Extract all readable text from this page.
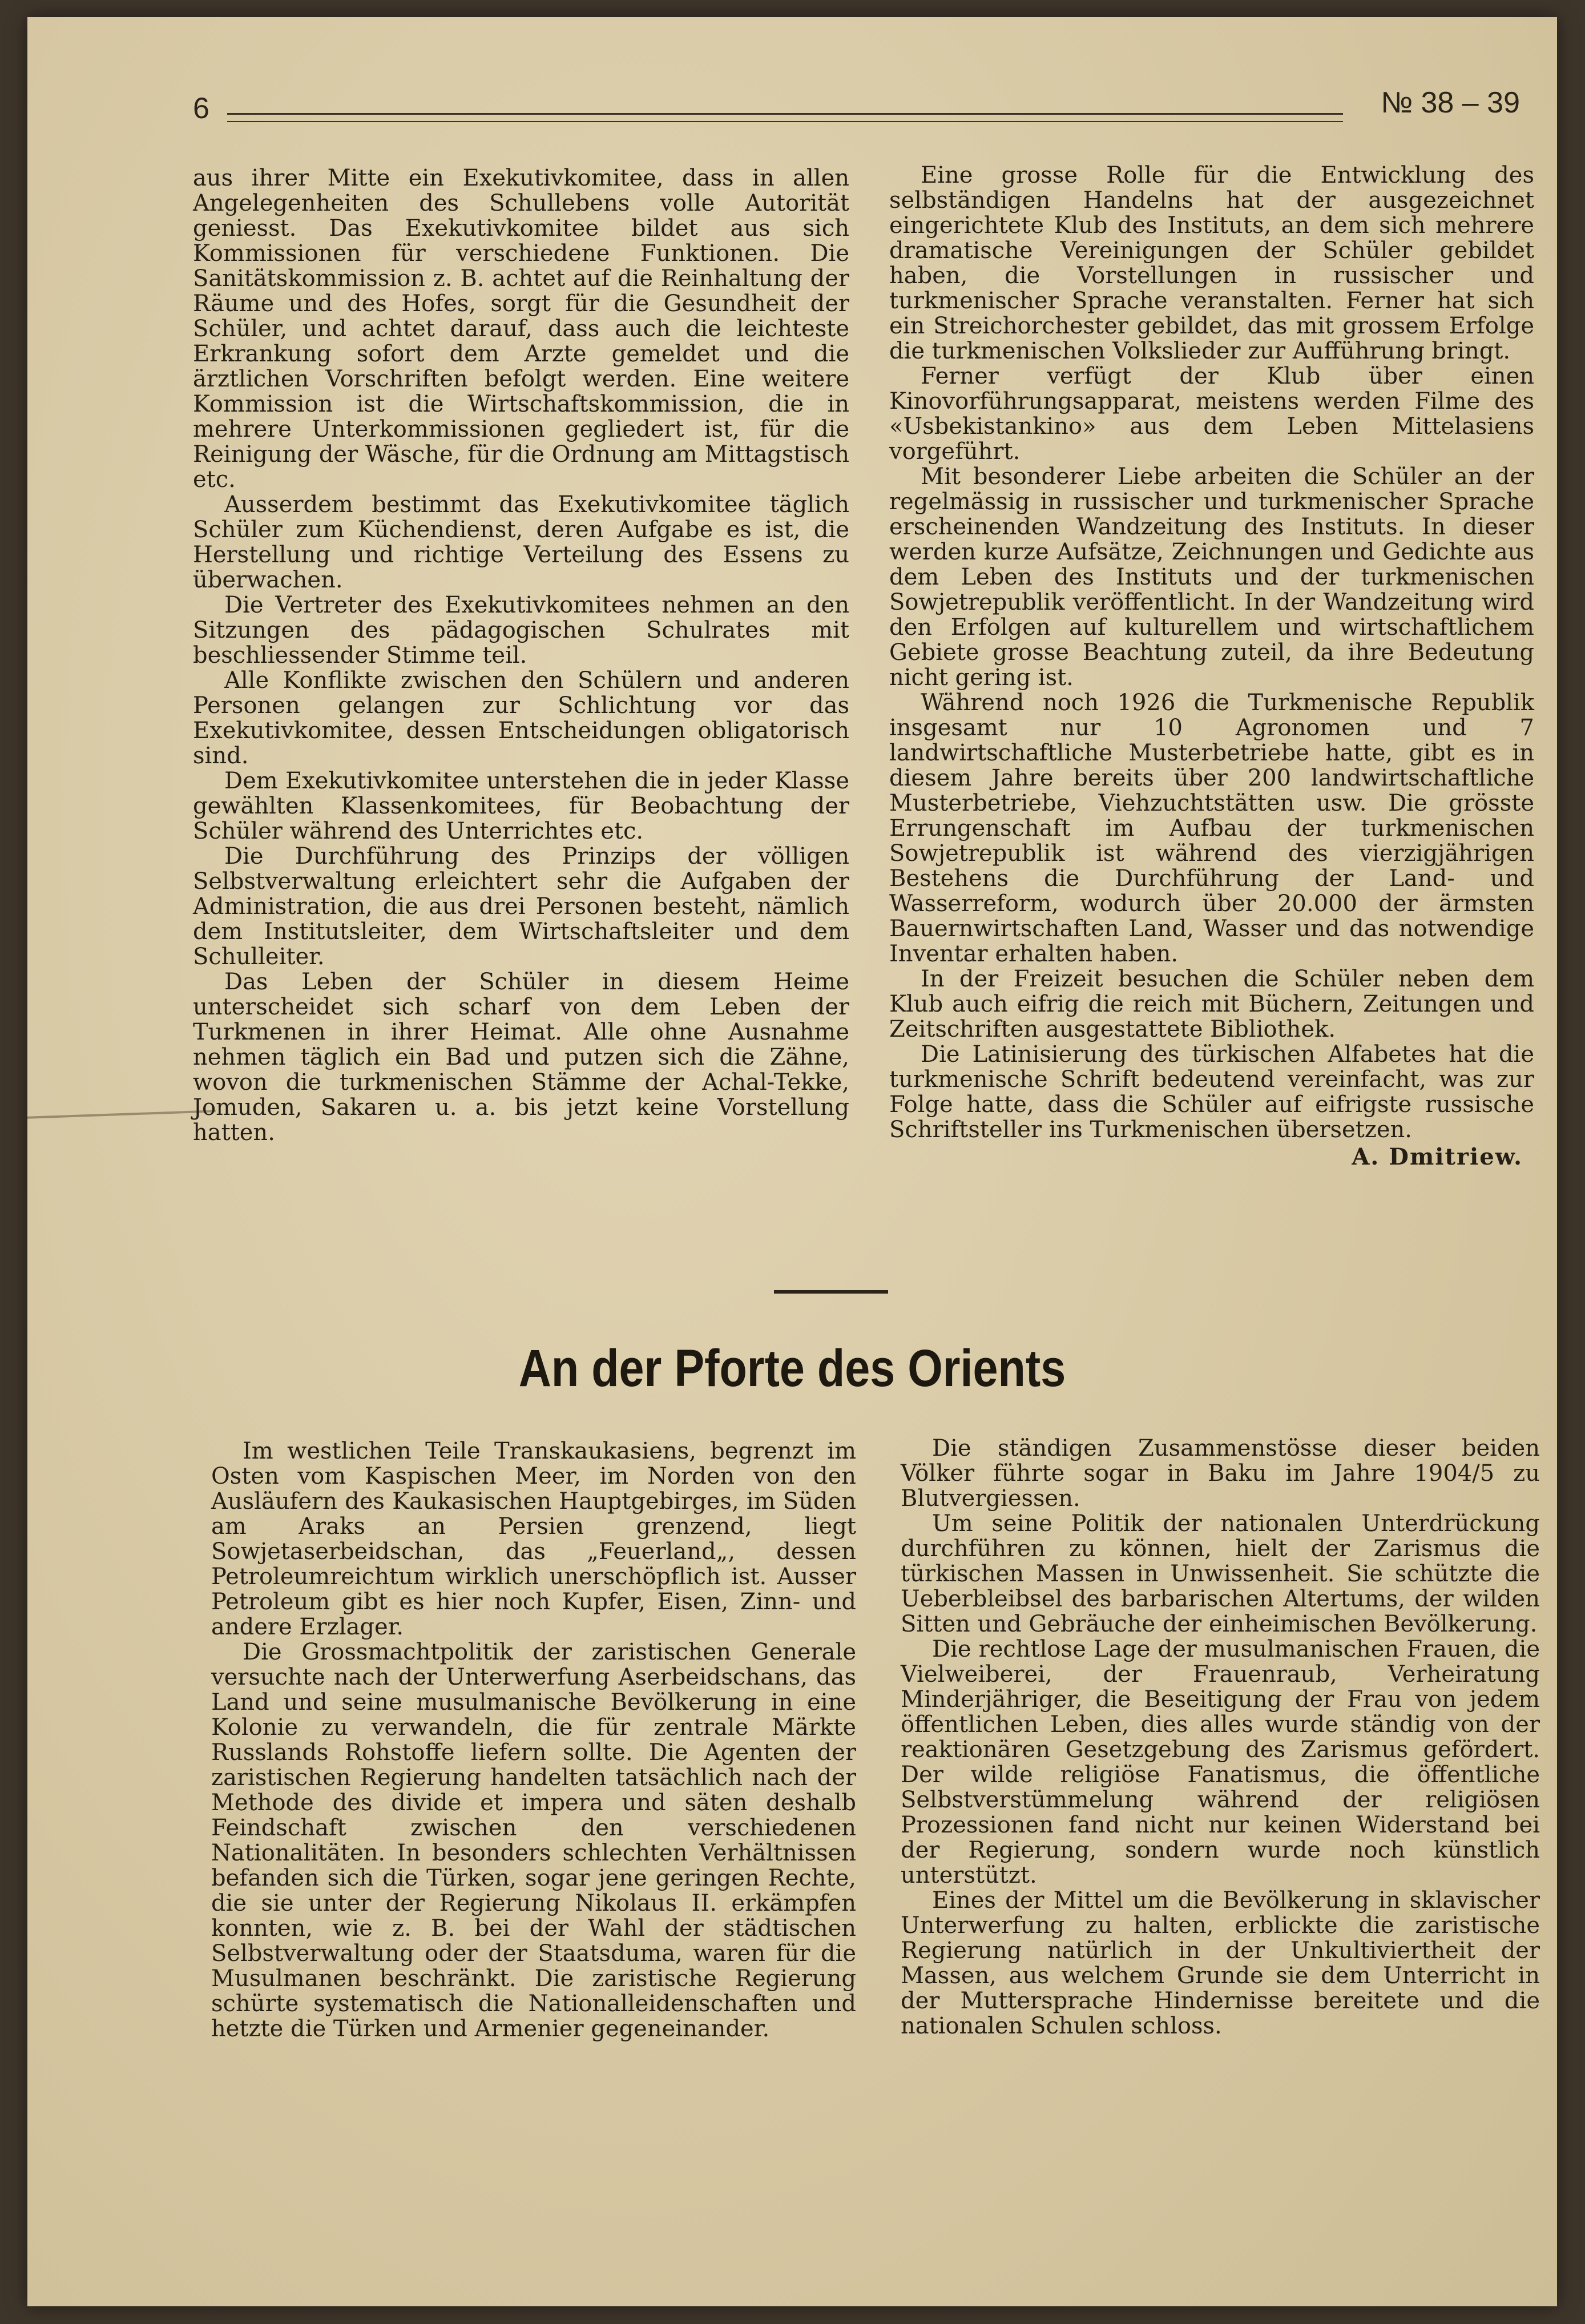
6	№ 38 – 39

aus ihrer Mitte ein Exekutivkomitee, dass in allen Angelegenheiten des Schullebens volle Autorität geniesst. Das Exekutivkomitee bildet aus sich Kommissionen für verschiedene Funktionen. Die Sanitätskommission z. B. achtet auf die Reinhaltung der Räume und des Hofes, sorgt für die Gesundheit der Schüler, und achtet darauf, dass auch die leichteste Erkrankung sofort dem Arzte gemeldet und die ärztlichen Vorschriften befolgt werden. Eine weitere Kommission ist die Wirtschaftskommission, die in mehrere Unterkommissionen gegliedert ist, für die Reinigung der Wäsche, für die Ordnung am Mittagstisch etc.

Ausserdem bestimmt das Exekutivkomitee täglich Schüler zum Küchendienst, deren Aufgabe es ist, die Herstellung und richtige Verteilung des Essens zu überwachen.

Die Vertreter des Exekutivkomitees nehmen an den Sitzungen des pädagogischen Schulrates mit beschliessender Stimme teil.

Alle Konflikte zwischen den Schülern und anderen Personen gelangen zur Schlichtung vor das Exekutivkomitee, dessen Entscheidungen obligatorisch sind.

Dem Exekutivkomitee unterstehen die in jeder Klasse gewählten Klassenkomitees, für Beobachtung der Schüler während des Unterrichtes etc.

Die Durchführung des Prinzips der völligen Selbstverwaltung erleichtert sehr die Aufgaben der Administration, die aus drei Personen besteht, nämlich dem Institutsleiter, dem Wirtschaftsleiter und dem Schulleiter.

Das Leben der Schüler in diesem Heime unterscheidet sich scharf von dem Leben der Turkmenen in ihrer Heimat. Alle ohne Ausnahme nehmen täglich ein Bad und putzen sich die Zähne, wovon die turkmenischen Stämme der Achal-Tekke, Jomuden, Sakaren u. a. bis jetzt keine Vorstellung hatten.

Eine grosse Rolle für die Entwicklung des selbständigen Handelns hat der ausgezeichnet eingerichtete Klub des Instituts, an dem sich mehrere dramatische Vereinigungen der Schüler gebildet haben, die Vorstellungen in russischer und turkmenischer Sprache veranstalten. Ferner hat sich ein Streichorchester gebildet, das mit grossem Erfolge die turkmenischen Volkslieder zur Aufführung bringt.

Ferner verfügt der Klub über einen Kinovorführungsapparat, meistens werden Filme des «Usbekistankino» aus dem Leben Mittelasiens vorgeführt.

Mit besonderer Liebe arbeiten die Schüler an der regelmässig in russischer und turkmenischer Sprache erscheinenden Wandzeitung des Instituts. In dieser werden kurze Aufsätze, Zeichnungen und Gedichte aus dem Leben des Instituts und der turkmenischen Sowjetrepublik veröffentlicht. In der Wandzeitung wird den Erfolgen auf kulturellem und wirtschaftlichem Gebiete grosse Beachtung zuteil, da ihre Bedeutung nicht gering ist.

Während noch 1926 die Turkmenische Republik insgesamt nur 10 Agronomen und 7 landwirtschaftliche Musterbetriebe hatte, gibt es in diesem Jahre bereits über 200 landwirtschaftliche Musterbetriebe, Viehzuchtstätten usw. Die grösste Errungenschaft im Aufbau der turkmenischen Sowjetrepublik ist während des vierzigjährigen Bestehens die Durchführung der Land- und Wasserreform, wodurch über 20.000 der ärmsten Bauernwirtschaften Land, Wasser und das notwendige Inventar erhalten haben.

In der Freizeit besuchen die Schüler neben dem Klub auch eifrig die reich mit Büchern, Zeitungen und Zeitschriften ausgestattete Bibliothek.

Die Latinisierung des türkischen Alfabetes hat die turkmenische Schrift bedeutend vereinfacht, was zur Folge hatte, dass die Schüler auf eifrigste russische Schriftsteller ins Turkmenischen übersetzen.

A. Dmitriew.
An der Pforte des Orients

Im westlichen Teile Transkaukasiens, begrenzt im Osten vom Kaspischen Meer, im Norden von den Ausläufern des Kaukasischen Hauptgebirges, im Süden am Araks an Persien grenzend, liegt Sowjetaserbeidschan, das „Feuerland„, dessen Petroleumreichtum wirklich unerschöpflich ist. Ausser Petroleum gibt es hier noch Kupfer, Eisen, Zinn- und andere Erzlager.

Die Grossmachtpolitik der zaristischen Generale versuchte nach der Unterwerfung Aserbeidschans, das Land und seine musulmanische Bevölkerung in eine Kolonie zu verwandeln, die für zentrale Märkte Russlands Rohstoffe liefern sollte. Die Agenten der zaristischen Regierung handelten tatsächlich nach der Methode des divide et impera und säten deshalb Feindschaft zwischen den verschiedenen Nationalitäten. In besonders schlechten Verhältnissen befanden sich die Türken, sogar jene geringen Rechte, die sie unter der Regierung Nikolaus II. erkämpfen konnten, wie z. B. bei der Wahl der städtischen Selbstverwaltung oder der Staatsduma, waren für die Musulmanen beschränkt. Die zaristische Regierung schürte systematisch die Nationalleidenschaften und hetzte die Türken und Armenier gegeneinander.

Die ständigen Zusammenstösse dieser beiden Völker führte sogar in Baku im Jahre 1904/5 zu Blutvergiessen.

Um seine Politik der nationalen Unterdrückung durchführen zu können, hielt der Zarismus die türkischen Massen in Unwissenheit. Sie schützte die Ueberbleibsel des barbarischen Altertums, der wilden Sitten und Gebräuche der einheimischen Bevölkerung.

Die rechtlose Lage der musulmanischen Frauen, die Vielweiberei, der Frauenraub, Verheiratung Minderjähriger, die Beseitigung der Frau von jedem öffentlichen Leben, dies alles wurde ständig von der reaktionären Gesetzgebung des Zarismus gefördert. Der wilde religiöse Fanatismus, die öffentliche Selbstverstümmelung während der religiösen Prozessionen fand nicht nur keinen Widerstand bei der Regierung, sondern wurde noch künstlich unterstützt.

Eines der Mittel um die Bevölkerung in sklavischer Unterwerfung zu halten, erblickte die zaristische Regierung natürlich in der Unkultiviertheit der Massen, aus welchem Grunde sie dem Unterricht in der Muttersprache Hindernisse bereitete und die nationalen Schulen schloss.
